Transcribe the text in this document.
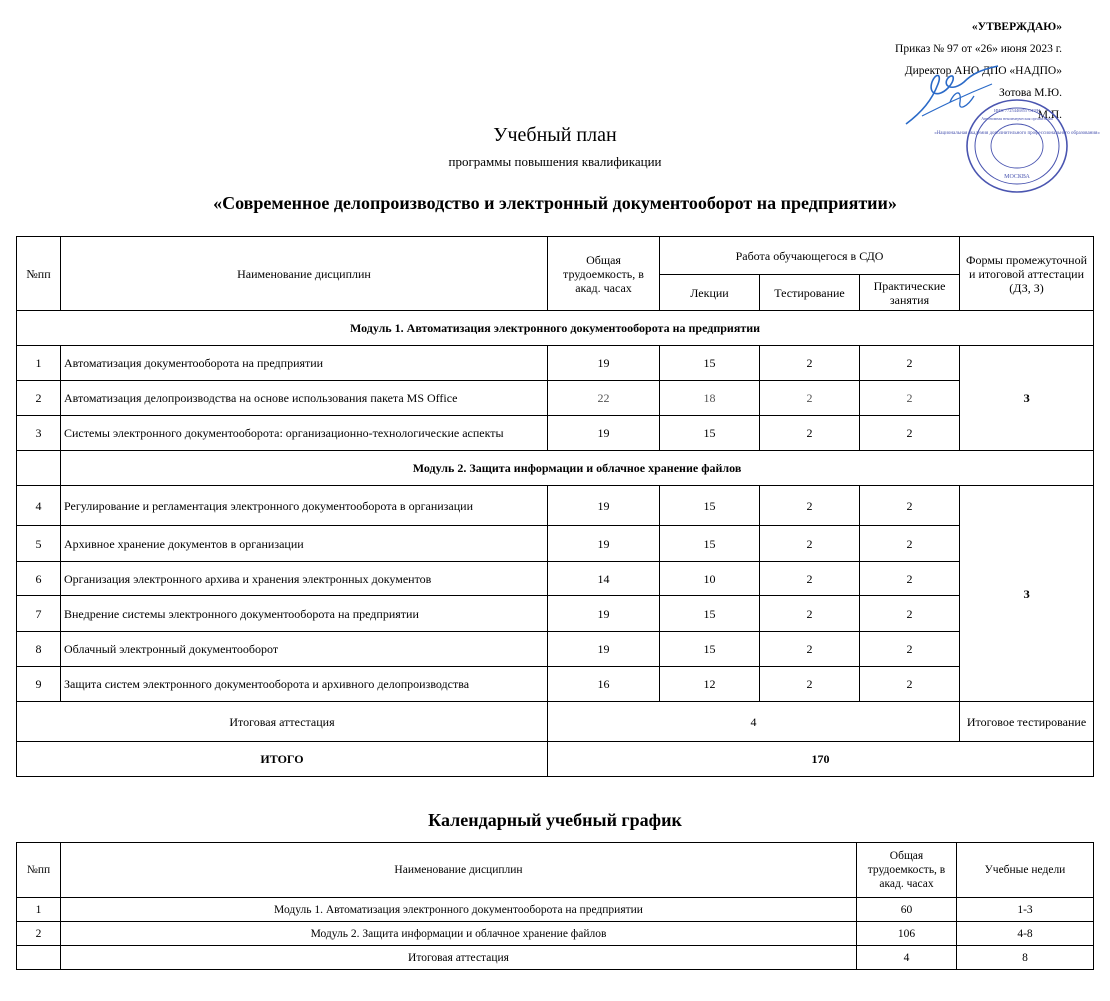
«УТВЕРЖДАЮ»
Приказ № 97 от «26» июня 2023 г.
Директор АНО ДПО «НАДПО»
Зотова М.Ю.
М.П.
«Национальная академия дополнительного профессионального образования»
МОСКВА
ИНН 7725446855 ОГРН
Автономная некоммерческая организация
Учебный план
программы повышения квалификации
«Современное делопроизводство и электронный документооборот на предприятии»
№пп	Наименование дисциплин	Общая трудоемкость, в акад. часах	Работа обучающегося в СДО			Формы промежуточной и итоговой аттестации (ДЗ, З)
			Лекции	Тестирование	Практические занятия	
Модуль 1. Автоматизация электронного документооборота на предприятии						
1	Автоматизация документооборота на предприятии	19	15	2	2	З
2	Автоматизация делопроизводства на основе использования пакета MS Office	22	18	2	2	
3	Системы электронного документооборота: организационно-технологические аспекты	19	15	2	2	
	Модуль 2. Защита информации и облачное хранение файлов					
4	Регулирование и регламентация электронного документооборота в организации	19	15	2	2	З
5	Архивное хранение документов в организации	19	15	2	2	
6	Организация электронного архива и хранения электронных документов	14	10	2	2	
7	Внедрение системы электронного документооборота на предприятии	19	15	2	2	
8	Облачный электронный документооборот	19	15	2	2	
9	Защита систем электронного документооборота и архивного делопроизводства	16	12	2	2	
Итоговая аттестация		4				Итоговое тестирование
ИТОГО		170				
Календарный учебный график
№пп	Наименование дисциплин	Общая трудоемкость, в акад. часах	Учебные недели
1	Модуль 1. Автоматизация электронного документооборота на предприятии	60	1-3
2	Модуль 2. Защита информации и облачное хранение файлов	106	4-8
	Итоговая аттестация	4	8
